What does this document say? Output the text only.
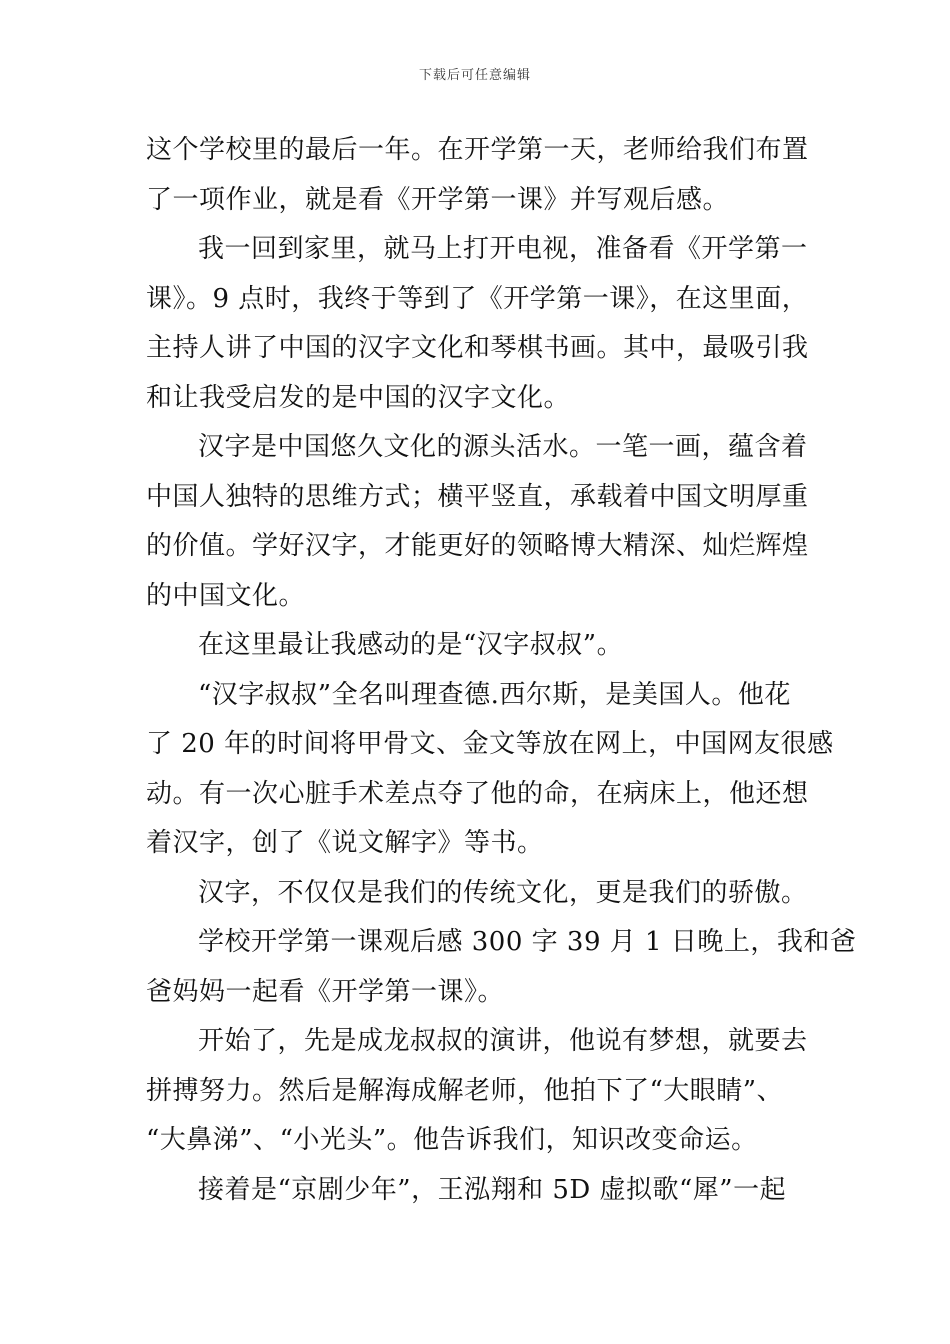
下载后可任意编辑
这个学校里的最后一年。在开学第一天，老师给我们布置
了一项作业，就是看《开学第一课》并写观后感。
我一回到家里，就马上打开电视，准备看《开学第一
课》。9 点时，我终于等到了《开学第一课》，在这里面，
主持人讲了中国的汉字文化和琴棋书画。其中，最吸引我
和让我受启发的是中国的汉字文化。
汉字是中国悠久文化的源头活水。一笔一画，蕴含着
中国人独特的思维方式；横平竖直，承载着中国文明厚重
的价值。学好汉字，才能更好的领略博大精深、灿烂辉煌
的中国文化。
在这里最让我感动的是“汉字叔叔”。
“汉字叔叔”全名叫理查德.西尔斯，是美国人。他花
了 20 年的时间将甲骨文、金文等放在网上，中国网友很感
动。有一次心脏手术差点夺了他的命，在病床上，他还想
着汉字，创了《说文解字》等书。
汉字，不仅仅是我们的传统文化，更是我们的骄傲。
学校开学第一课观后感 300 字 39 月 1 日晚上，我和爸
爸妈妈一起看《开学第一课》。
开始了，先是成龙叔叔的演讲，他说有梦想，就要去
拼搏努力。然后是解海成解老师，他拍下了“大眼睛”、
“大鼻涕”、“小光头”。他告诉我们，知识改变命运。
接着是“京剧少年”，王泓翔和 5D 虚拟歌“犀”一起
